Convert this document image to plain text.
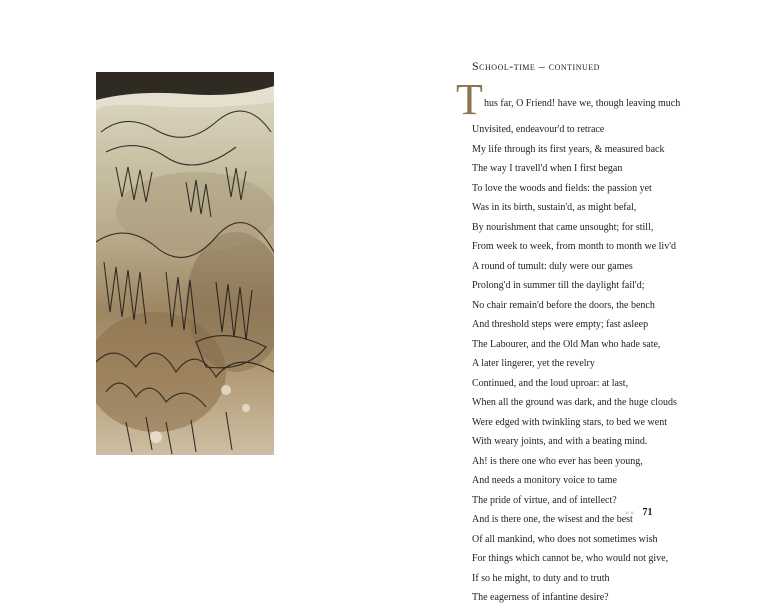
School-time – continued
T hus far, O Friend! have we, though leaving much
Unvisited, endeavour'd to retrace
My life through its first years, & measured back
The way I travell'd when I first began
To love the woods and fields: the passion yet
Was in its birth, sustain'd, as might befal,
By nourishment that came unsought; for still,
From week to week, from month to month we liv'd
A round of tumult: duly were our games
Prolong'd in summer till the daylight fail'd;
No chair remain'd before the doors, the bench
And threshold steps were empty; fast asleep
The Labourer, and the Old Man who hade sate,
A later lingerer, yet the revelry
Continued, and the loud uproar: at last,
When all the ground was dark, and the huge clouds
Were edged with twinkling stars, to bed we went
With weary joints, and with a beating mind.
Ah! is there one who ever has been young,
And needs a monitory voice to tame
The pride of virtue, and of intellect?
And is there one, the wisest and the best
Of all mankind, who does not sometimes wish
For things which cannot be, who would not give,
If so he might, to duty and to truth
The eagerness of infantine desire?
»» 71
